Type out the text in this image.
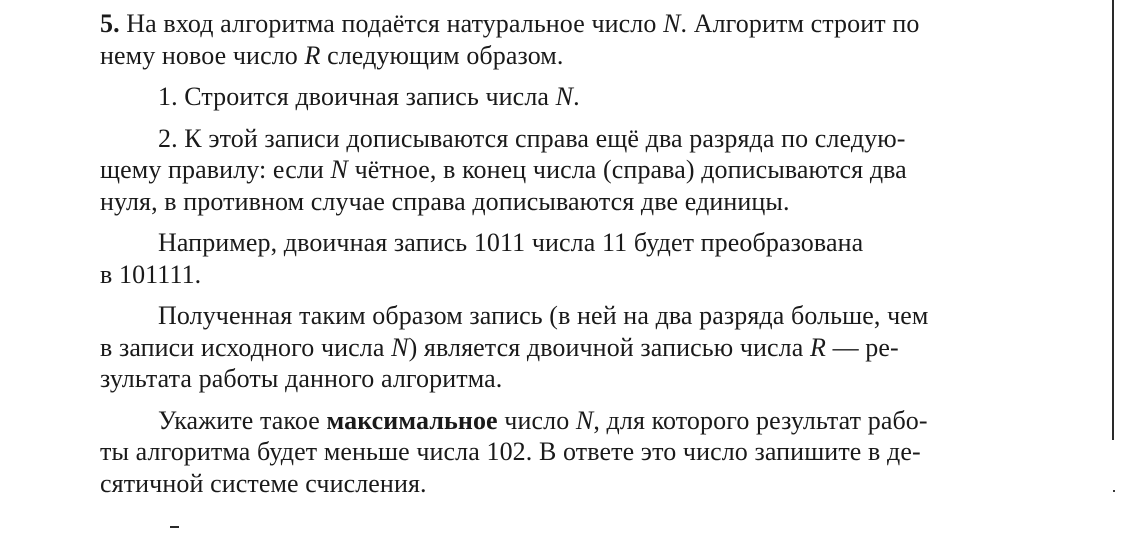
5. На вход алгоритма подаётся натуральное число N. Алгоритм строит по
нему новое число R следующим образом.

1. Строится двоичная запись числа N.

2. К этой записи дописываются справа ещё два разряда по следую-
щему правилу: если N чётное, в конец числа (справа) дописываются два
нуля, в противном случае справа дописываются две единицы.

Например, двоичная запись 1011 числа 11 будет преобразована
в 101111.

Полученная таким образом запись (в ней на два разряда больше, чем
в записи исходного числа N) является двоичной записью числа R — ре-
зультата работы данного алгоритма.

Укажите такое максимальное число N, для которого результат рабо-
ты алгоритма будет меньше числа 102. В ответе это число запишите в де-
сятичной системе счисления.
